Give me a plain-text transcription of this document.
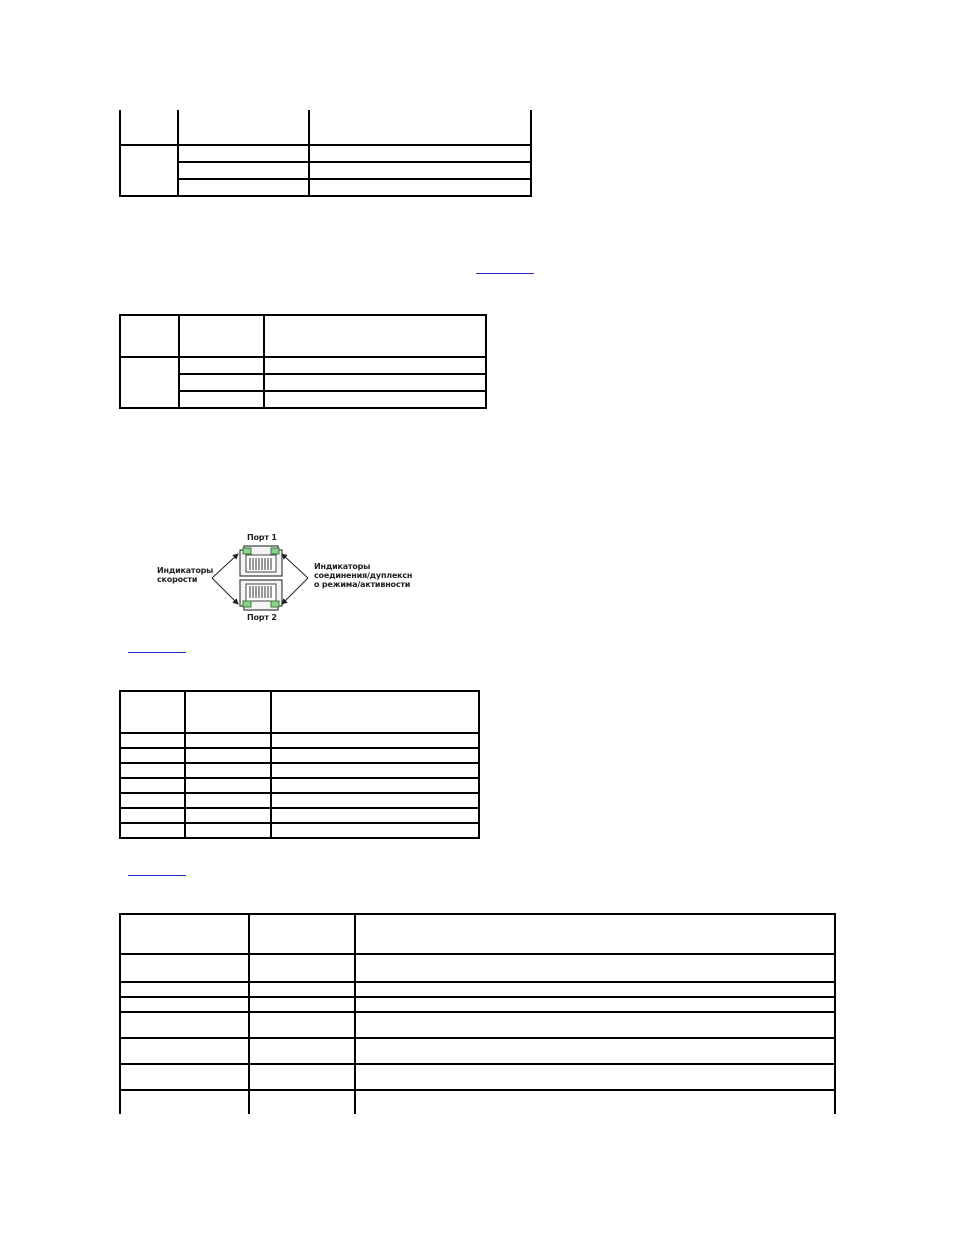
Порт 1
Порт 2
Индикаторы
скорости
Индикаторы
соединения/дуплексн
о режима/активности
